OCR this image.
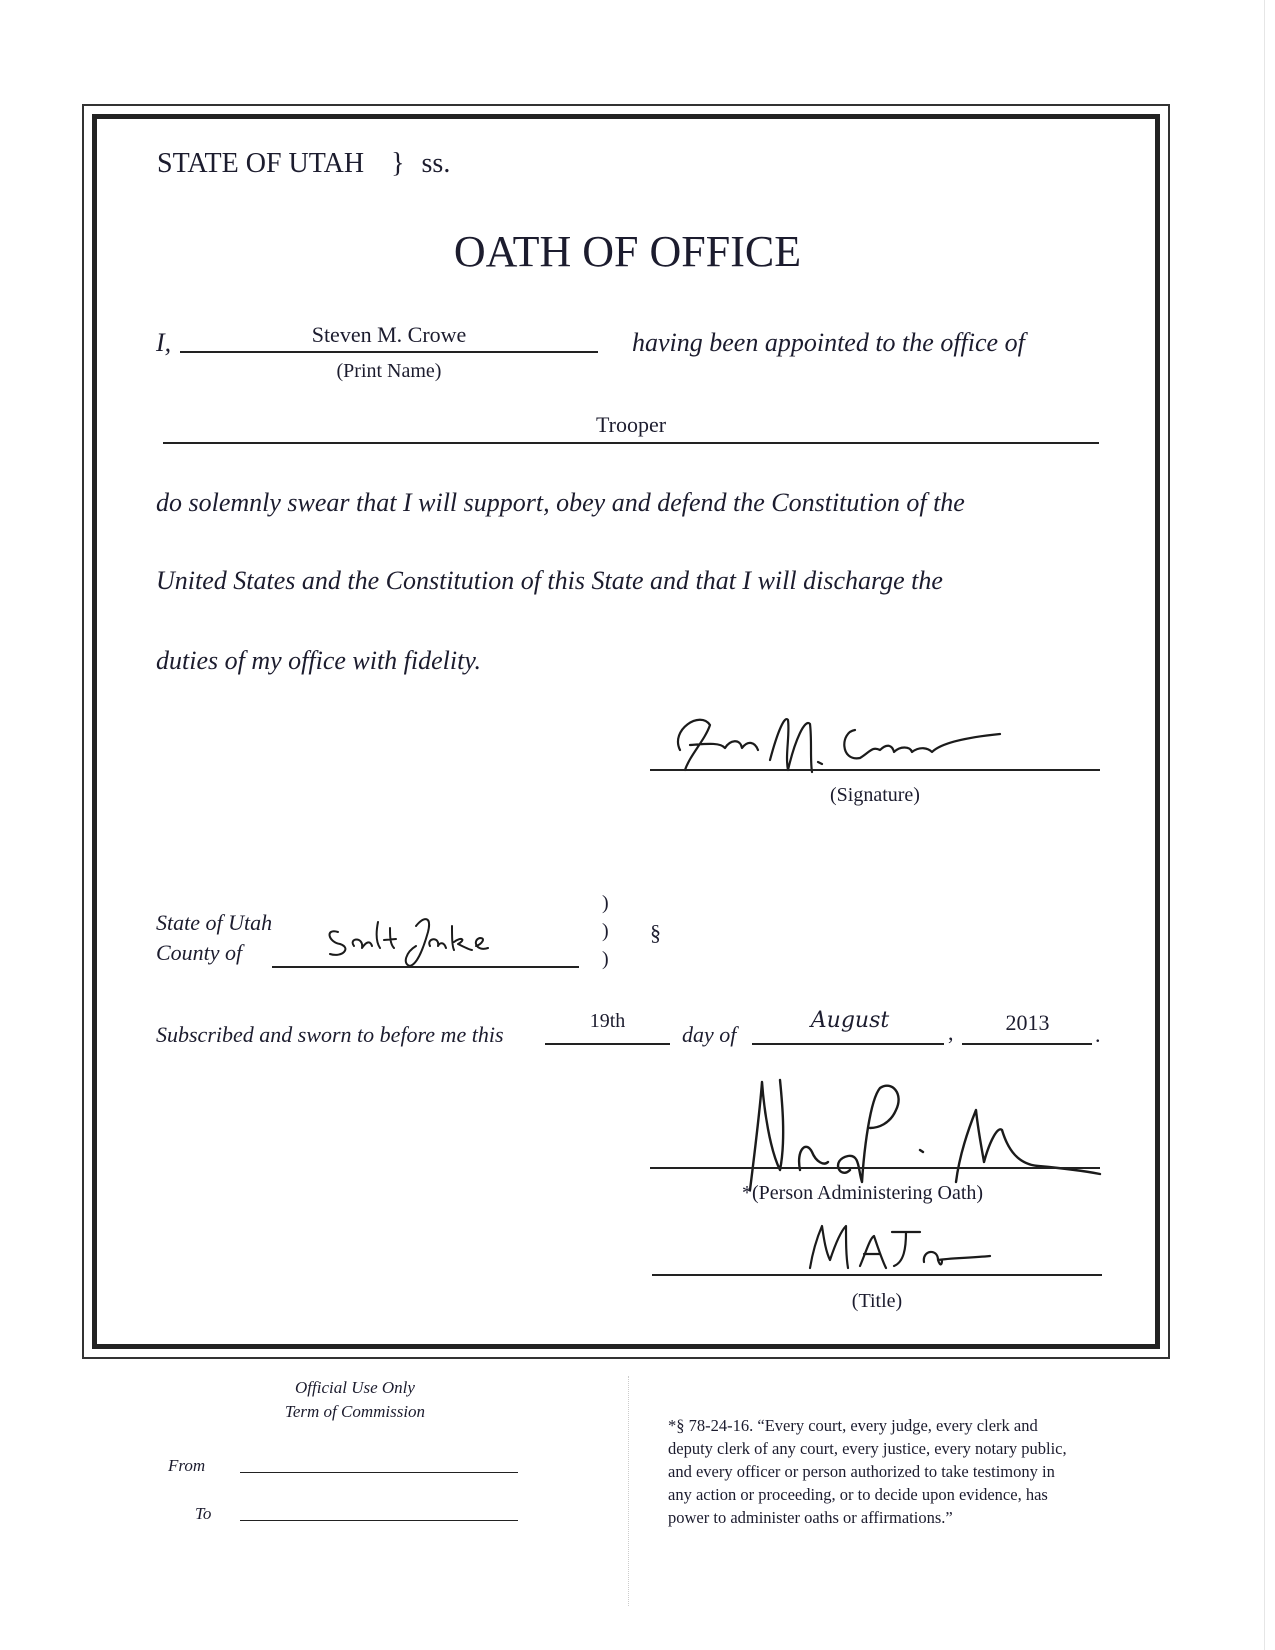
STATE OF UTAH } ss.
OATH OF OFFICE
I,	Steven M. Crowe
(Print Name)
having been appointed to the office of
Trooper
do solemnly swear that I will support, obey and defend the Constitution of the
United States and the Constitution of this State and that I will discharge the
duties of my office with fidelity.
(Signature)
State of Utah
County of
)
)
)
§
Subscribed and sworn to before me this
19th
day of
August	,	2013	.
*(Person Administering Oath)
(Title)
Official Use Only
Term of Commission
From
To
*§ 78-24-16. “Every court, every judge, every clerk and
deputy clerk of any court, every justice, every notary public,
and every officer or person authorized to take testimony in
any action or proceeding, or to decide upon evidence, has
power to administer oaths or affirmations.”
